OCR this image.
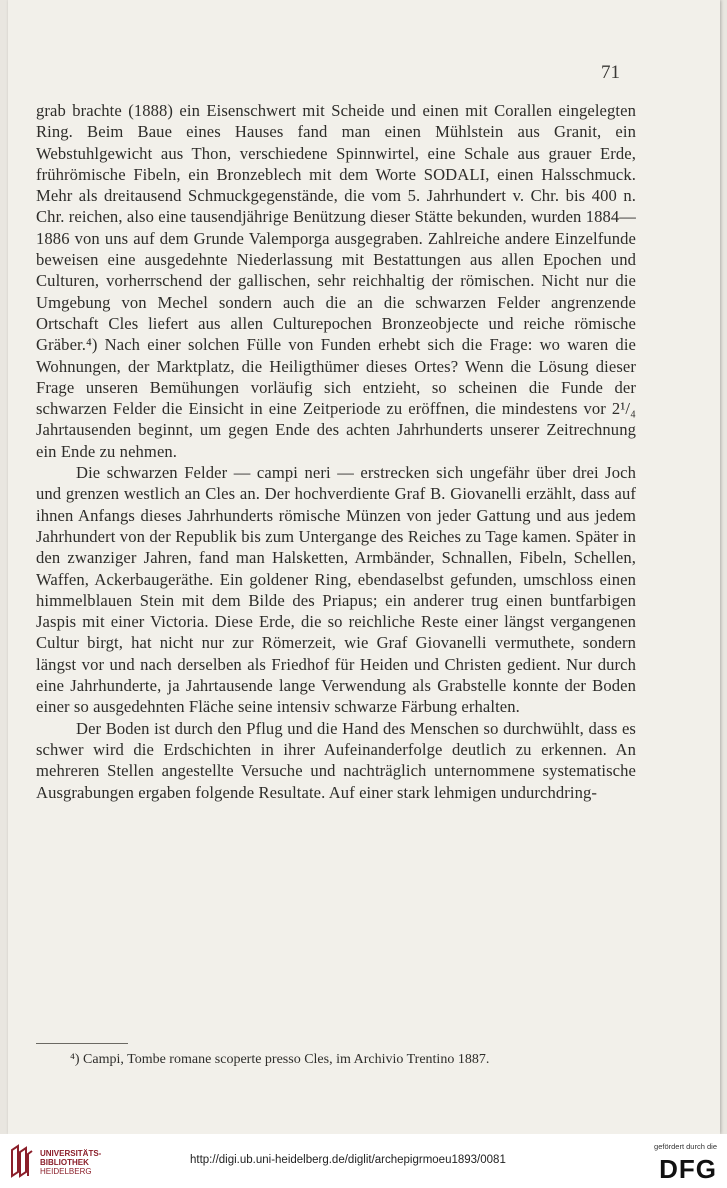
71

grab brachte (1888) ein Eisenschwert mit Scheide und einen mit Corallen eingelegten Ring. Beim Baue eines Hauses fand man einen Mühlstein aus Granit, ein Webstuhlgewicht aus Thon, verschiedene Spinnwirtel, eine Schale aus grauer Erde, frührömische Fibeln, ein Bronzeblech mit dem Worte SODALI, einen Halsschmuck. Mehr als dreitausend Schmuckgegenstände, die vom 5. Jahrhundert v. Chr. bis 400 n. Chr. reichen, also eine tausendjährige Benützung dieser Stätte bekunden, wurden 1884—1886 von uns auf dem Grunde Valemporga ausgegraben. Zahlreiche andere Einzelfunde beweisen eine ausgedehnte Niederlassung mit Bestattungen aus allen Epochen und Culturen, vorherrschend der gallischen, sehr reichhaltig der römischen. Nicht nur die Umgebung von Mechel sondern auch die an die schwarzen Felder angrenzende Ortschaft Cles liefert aus allen Culturepochen Bronzeobjecte und reiche römische Gräber.⁴) Nach einer solchen Fülle von Funden erhebt sich die Frage: wo waren die Wohnungen, der Marktplatz, die Heiligthümer dieses Ortes? Wenn die Lösung dieser Frage unseren Bemühungen vorläufig sich entzieht, so scheinen die Funde der schwarzen Felder die Einsicht in eine Zeitperiode zu eröffnen, die mindestens vor 2¹/₄ Jahrtausenden beginnt, um gegen Ende des achten Jahrhunderts unserer Zeitrechnung ein Ende zu nehmen.

Die schwarzen Felder — campi neri — erstrecken sich ungefähr über drei Joch und grenzen westlich an Cles an. Der hochverdiente Graf B. Giovanelli erzählt, dass auf ihnen Anfangs dieses Jahrhunderts römische Münzen von jeder Gattung und aus jedem Jahrhundert von der Republik bis zum Untergange des Reiches zu Tage kamen. Später in den zwanziger Jahren, fand man Halsketten, Armbänder, Schnallen, Fibeln, Schellen, Waffen, Ackerbaugeräthe. Ein goldener Ring, ebendaselbst gefunden, umschloss einen himmelblauen Stein mit dem Bilde des Priapus; ein anderer trug einen buntfarbigen Jaspis mit einer Victoria. Diese Erde, die so reichliche Reste einer längst vergangenen Cultur birgt, hat nicht nur zur Römerzeit, wie Graf Giovanelli vermuthete, sondern längst vor und nach derselben als Friedhof für Heiden und Christen gedient. Nur durch eine Jahrhunderte, ja Jahrtausende lange Verwendung als Grabstelle konnte der Boden einer so ausgedehnten Fläche seine intensiv schwarze Färbung erhalten.

Der Boden ist durch den Pflug und die Hand des Menschen so durchwühlt, dass es schwer wird die Erdschichten in ihrer Aufeinanderfolge deutlich zu erkennen. An mehreren Stellen angestellte Versuche und nachträglich unternommene systematische Ausgrabungen ergaben folgende Resultate. Auf einer stark lehmigen undurchdring-

⁴) Campi, Tombe romane scoperte presso Cles, im Archivio Trentino 1887.
UNIVERSITÄTS-
BIBLIOTHEK
HEIDELBERG
http://digi.ub.uni-heidelberg.de/diglit/archepigrmoeu1893/0081
gefördert durch die
DFG
